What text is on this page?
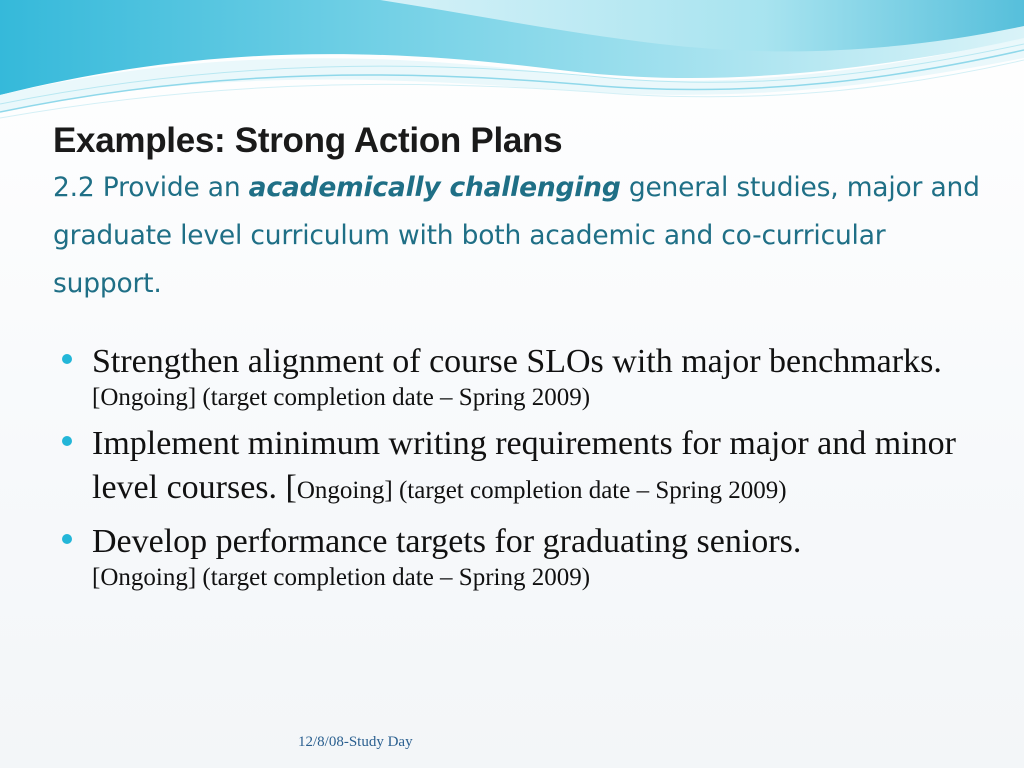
Examples: Strong Action Plans
2.2 Provide an academically challenging general studies, major and graduate level curriculum with both academic and co-curricular support.
Strengthen alignment of course SLOs with major benchmarks.[Ongoing] (target completion date – Spring 2009)
Implement minimum writing requirements for major and minor level courses. [Ongoing] (target completion date – Spring 2009)
Develop performance targets for graduating seniors.
[Ongoing] (target completion date – Spring 2009)
12/8/08-Study Day
